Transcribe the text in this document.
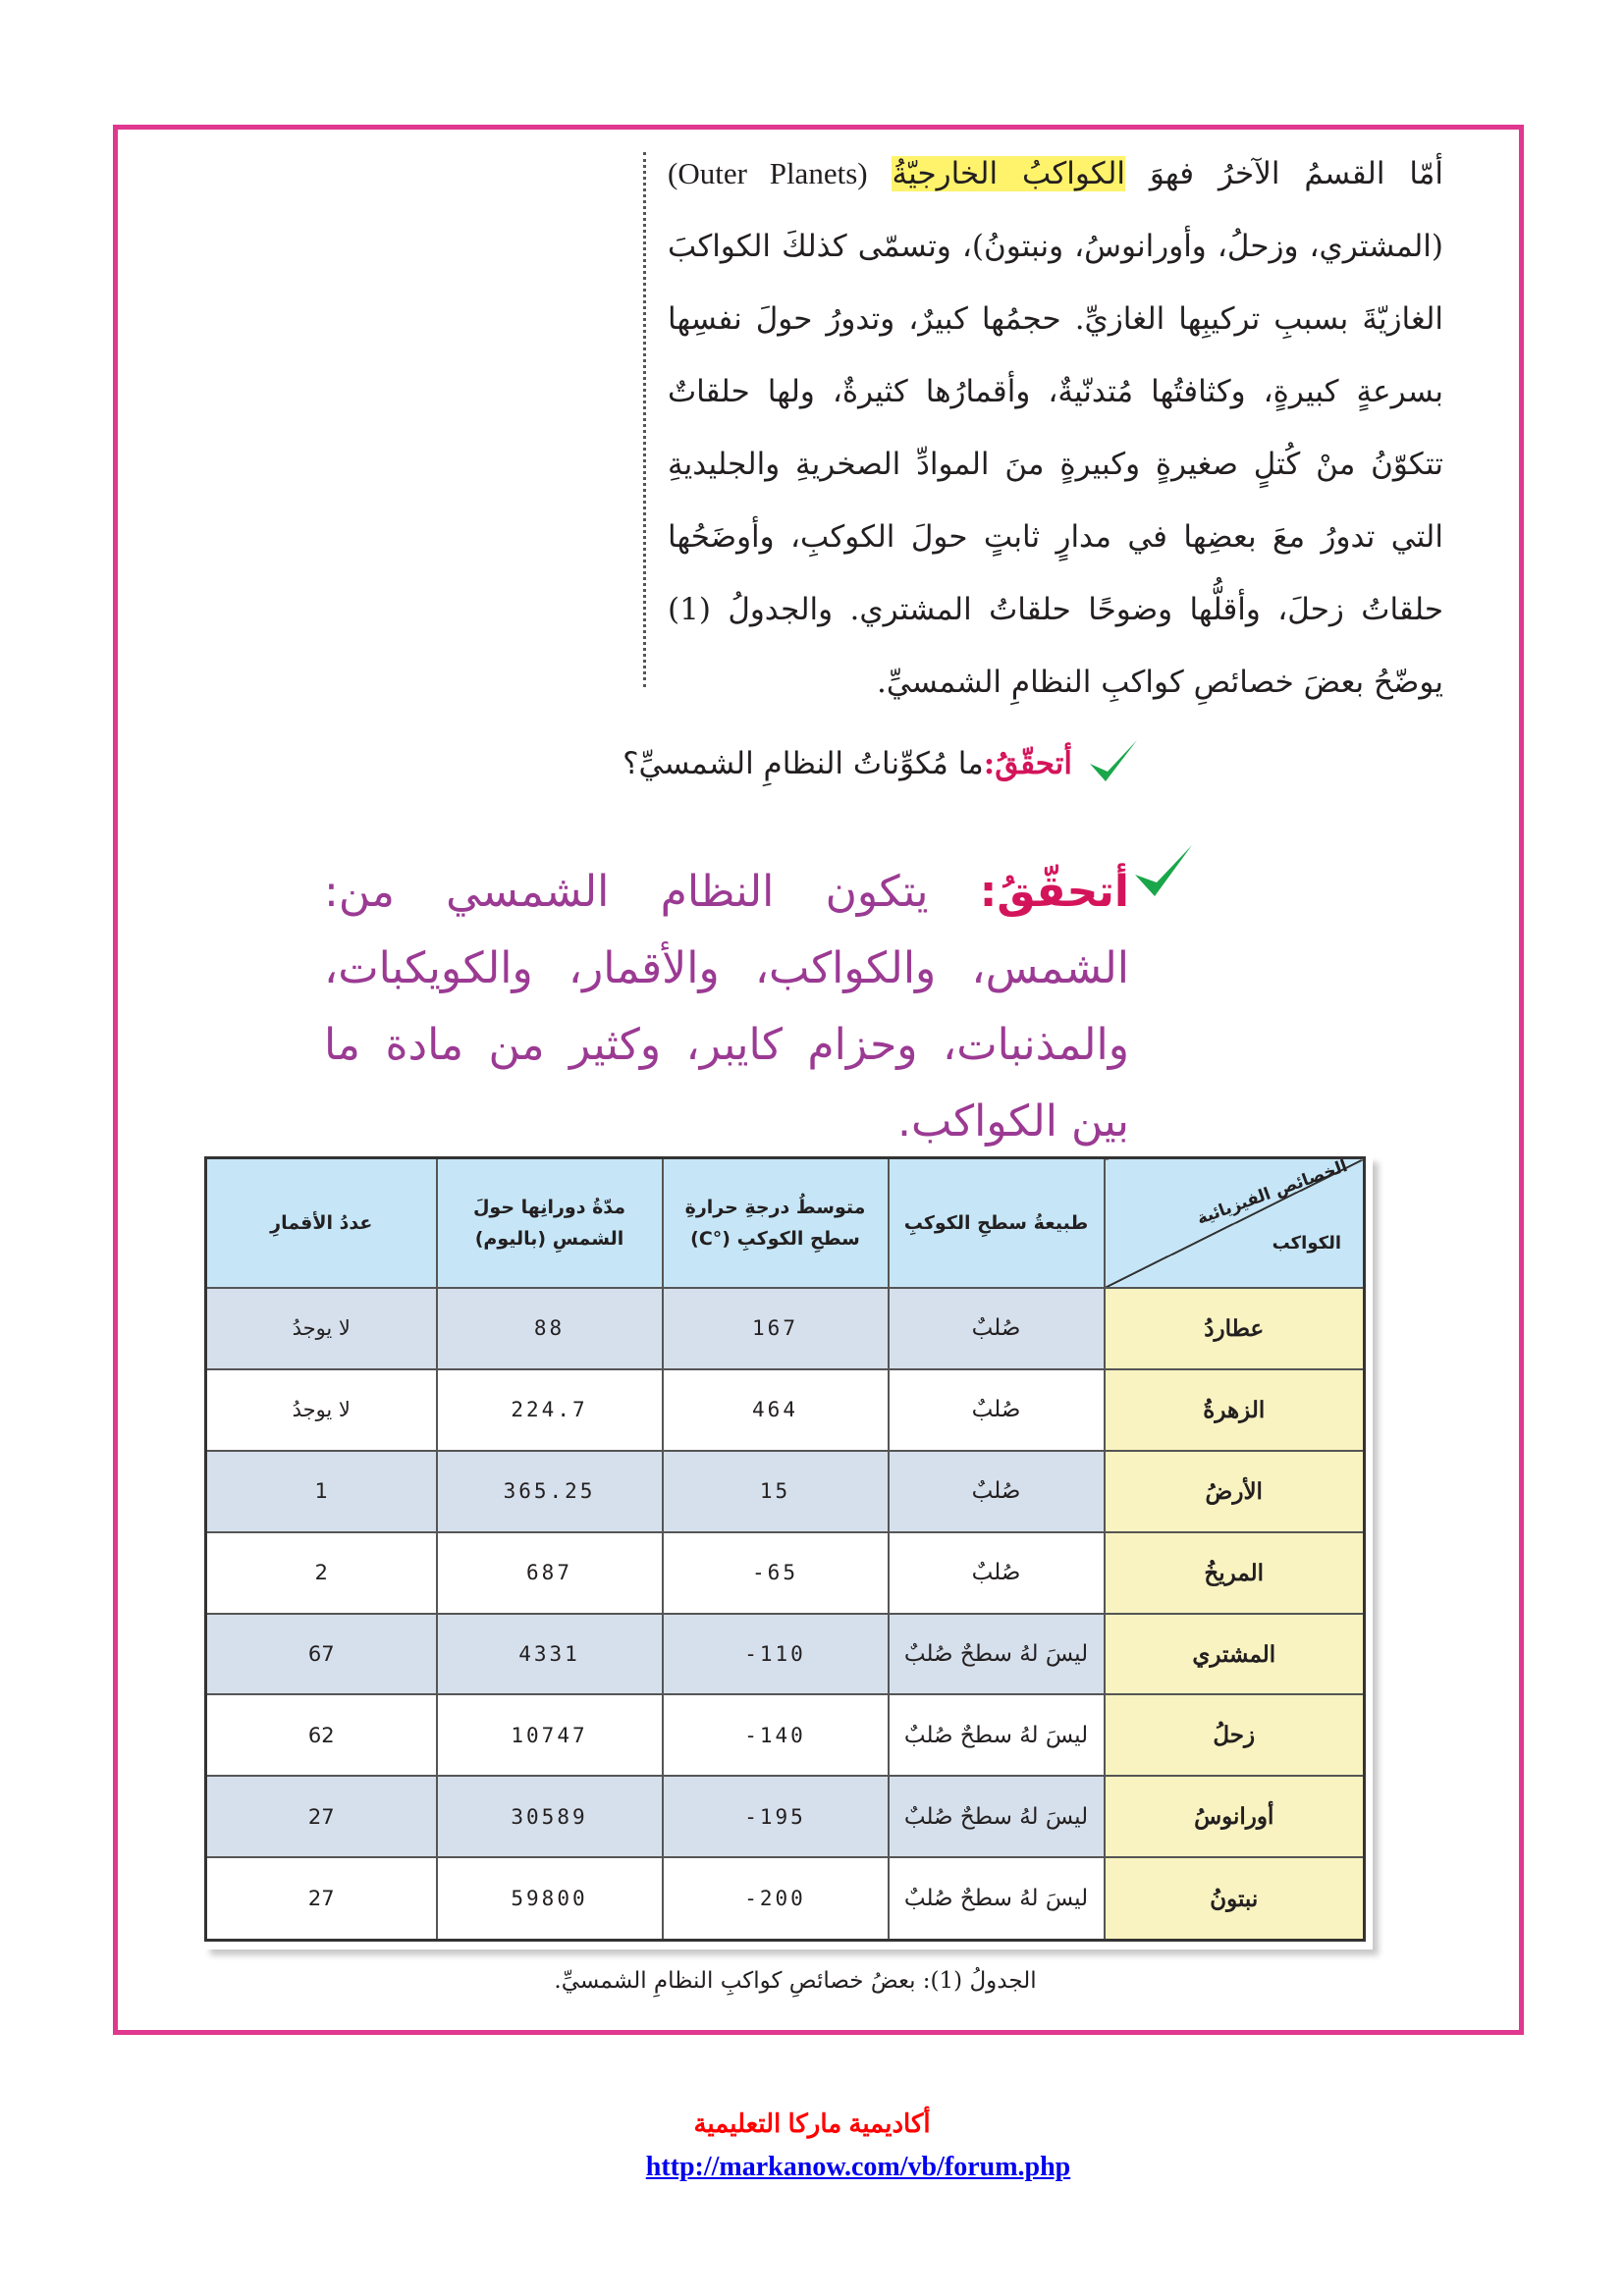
أمّا القسمُ الآخرُ فهوَ الكواكبُ الخارجيّةُ (Outer Planets) (المشتري، وزحلُ، وأورانوسُ، ونبتونُ)، وتسمّى كذلكَ الكواكبَ الغازيّةَ بسببِ تركيبِها الغازيِّ. حجمُها كبيرٌ، وتدورُ حولَ نفسِها بسرعةٍ كبيرةٍ، وكثافتُها مُتدنّيةٌ، وأقمارُها كثيرةٌ، ولها حلقاتٌ تتكوّنُ منْ كُتلٍ صغيرةٍ وكبيرةٍ منَ الموادِّ الصخريةِ والجليديةِ التي تدورُ معَ بعضِها في مدارٍ ثابتٍ حولَ الكوكبِ، وأوضَحُها حلقاتُ زحلَ، وأقلُّها وضوحًا حلقاتُ المشتري. والجدولُ (1) يوضّحُ بعضَ خصائصِ كواكبِ النظامِ الشمسيِّ.
أتحقّقُ:
ما مُكوِّناتُ النظامِ الشمسيِّ؟
أتحقّقُ: يتكون النظام الشمسي من: الشمس، والكواكب، والأقمار، والكويكبات، والمذنبات، وحزام كايبر، وكثير من مادة ما بين الكواكب.
الخصائص الفيزيائية
الكواكب	طبيعةُ سطحِ الكوكبِ	متوسطُ درجةِ حرارةِ سطحِ الكوكبِ (°C)	مدّةُ دورانِها حولَ الشمسِ (باليوم)	عددُ الأقمارِ
عطاردُ	صُلبٌ	167	88	لا يوجدُ
الزهرةُ	صُلبٌ	464	224.7	لا يوجدُ
الأرضُ	صُلبٌ	15	365.25	1
المريخُ	صُلبٌ	-65	687	2
المشتري	ليسَ لهُ سطحٌ صُلبٌ	-110	4331	67
زحلُ	ليسَ لهُ سطحٌ صُلبٌ	-140	10747	62
أورانوسُ	ليسَ لهُ سطحٌ صُلبٌ	-195	30589	27
نبتونُ	ليسَ لهُ سطحٌ صُلبٌ	-200	59800	27
الجدولُ (1): بعضُ خصائصِ كواكبِ النظامِ الشمسيِّ.
أكاديمية ماركا التعليمية
http://markanow.com/vb/forum.php
